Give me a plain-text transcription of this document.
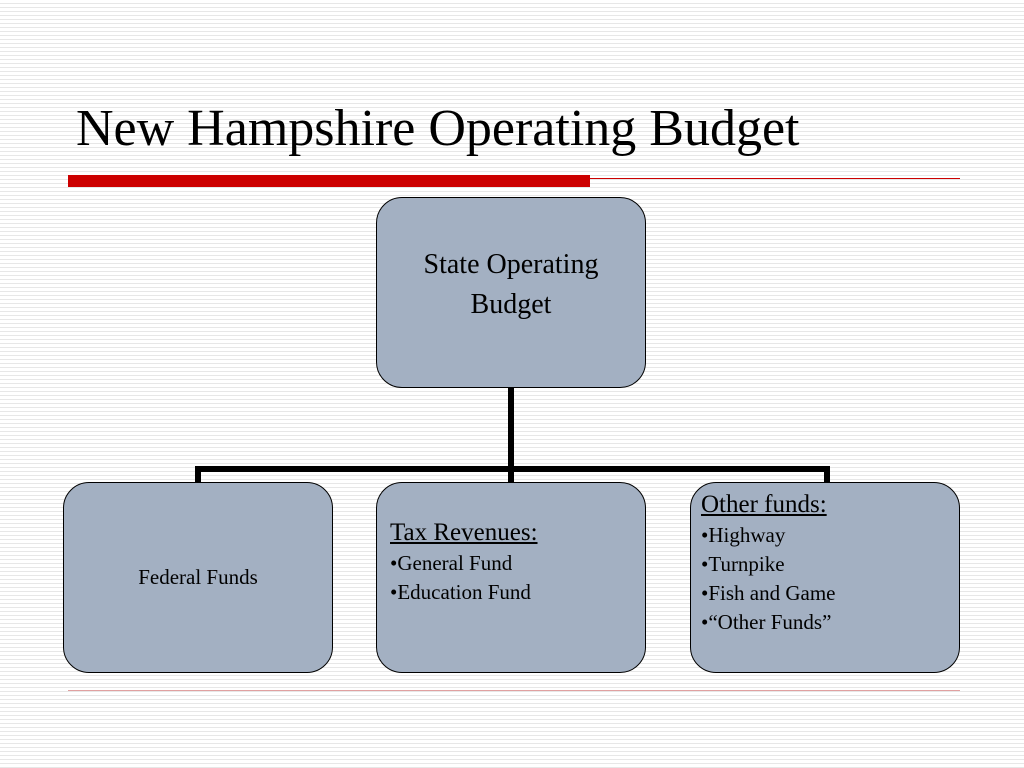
New Hampshire Operating Budget
State Operating Budget
Federal Funds
Tax Revenues:
•General Fund
•Education Fund
Other funds:
•Highway
•Turnpike
•Fish and Game
•“Other Funds”
